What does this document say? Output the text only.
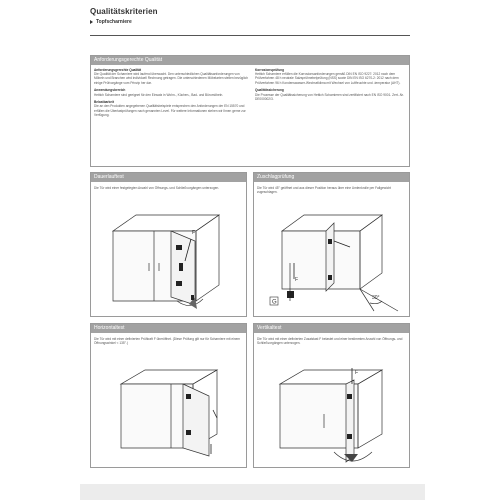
Qualitätskriterien
Topfscharniere
Anforderungsgerechte Qualität
Anforderungsgerechte Qualität
Die Qualität der Scharniere wird laufend überwacht. Den unterschiedlichen Qualitätsanforderungen von Möbeln und Branchen wird individuell Rechnung getragen. Die unterschiedenen Möbelarten stellen bezüglich einige Prüfvorgänge vom Prinzip her dar.
Anwendungsbereich
Hettich Scharniere sind geeignet für den Einsatz in Wohn-, Küchen-, Bad- und Büromöbeln.
Belastbarkeit
Die an den Produkten angegebenen Qualitätsbeispiele entsprechen den Anforderungen der EN 15570 und erfüllen die Überlastprüfungen nach genannten Level. Für weitere Informationen stehen wir Ihnen gerne zur Verfügung.
Korrosionsprüfung
Hettich Scharniere erfüllen die Korrosionsanforderungen gemäß DIN EN ISO 9227: 2012 nach dem Prüfverfahren 48 h neutrale Salzsprühnebelprüfung (NSS) sowie DIN EN ISO 6270-2: 2012 nach dem Prüfverfahren 96 h Kondenswasser-Wechselklima mit Wechsel von Luftfeuchte und -temperatur (AHT).
Qualitätssicherung
Die Prozesse der Qualitätssicherung von Hettich Scharnieren sind zertifiziert nach EN ISO 9001. Zert.-Nr. DE000002/3.
Dauerlauftest
Die Tür wird einer festgelegten Anzahl von Öffnungs- und Schließvorgängen unterzogen.
F
Zuschlagprüfung
Die Tür wird 45° geöffnet und aus dieser Position heraus über eine Umlenkrolle per Fallgewicht zugeschlagen.
G
F
30°
Horizontaltest
Die Tür wird mit einer definierten Prüfkraft F überöffnet. (Diese Prüfung gilt nur für Scharniere mit einem Öffnungswinkel < 135°.)
Vertikaltest
Die Tür wird mit einer definierten Zusatzlast F belastet und einer bestimmten Anzahl von Öffnungs- und Schließvorgängen unterzogen.
F
